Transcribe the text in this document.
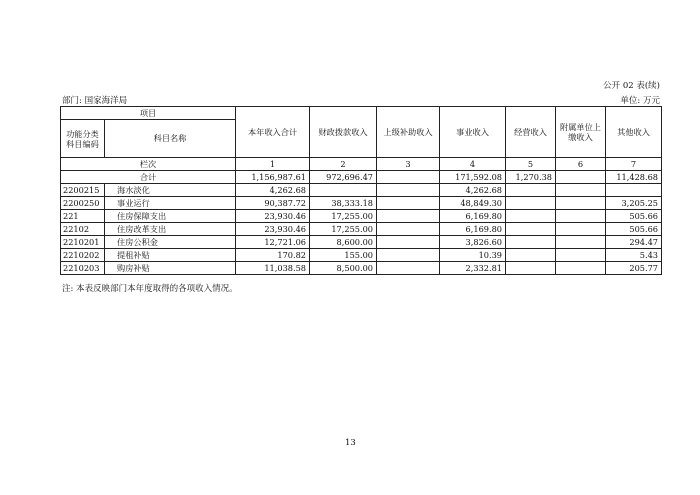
公开 02 表(续)
部门: 国家海洋局	单位: 万元
项目		本年收入合计	财政拨款收入	上级补助收入	事业收入	经营收入	附属单位上缴收入	其他收入
功能分类科目编码	科目名称							
栏次		1	2	3	4	5	6	7
合计		1,156,987.61	972,696.47		171,592.08	1,270.38		11,428.68
2200215	海水淡化	4,262.68			4,262.68			
2200250	事业运行	90,387.72	38,333.18		48,849.30			3,205.25
221	住房保障支出	23,930.46	17,255.00		6,169.80			505.66
22102	住房改革支出	23,930.46	17,255.00		6,169.80			505.66
2210201	住房公积金	12,721.06	8,600.00		3,826.60			294.47
2210202	提租补贴	170.82	155.00		10.39			5.43
2210203	购房补贴	11,038.58	8,500.00		2,332.81			205.77
注: 本表反映部门本年度取得的各项收入情况。
13
